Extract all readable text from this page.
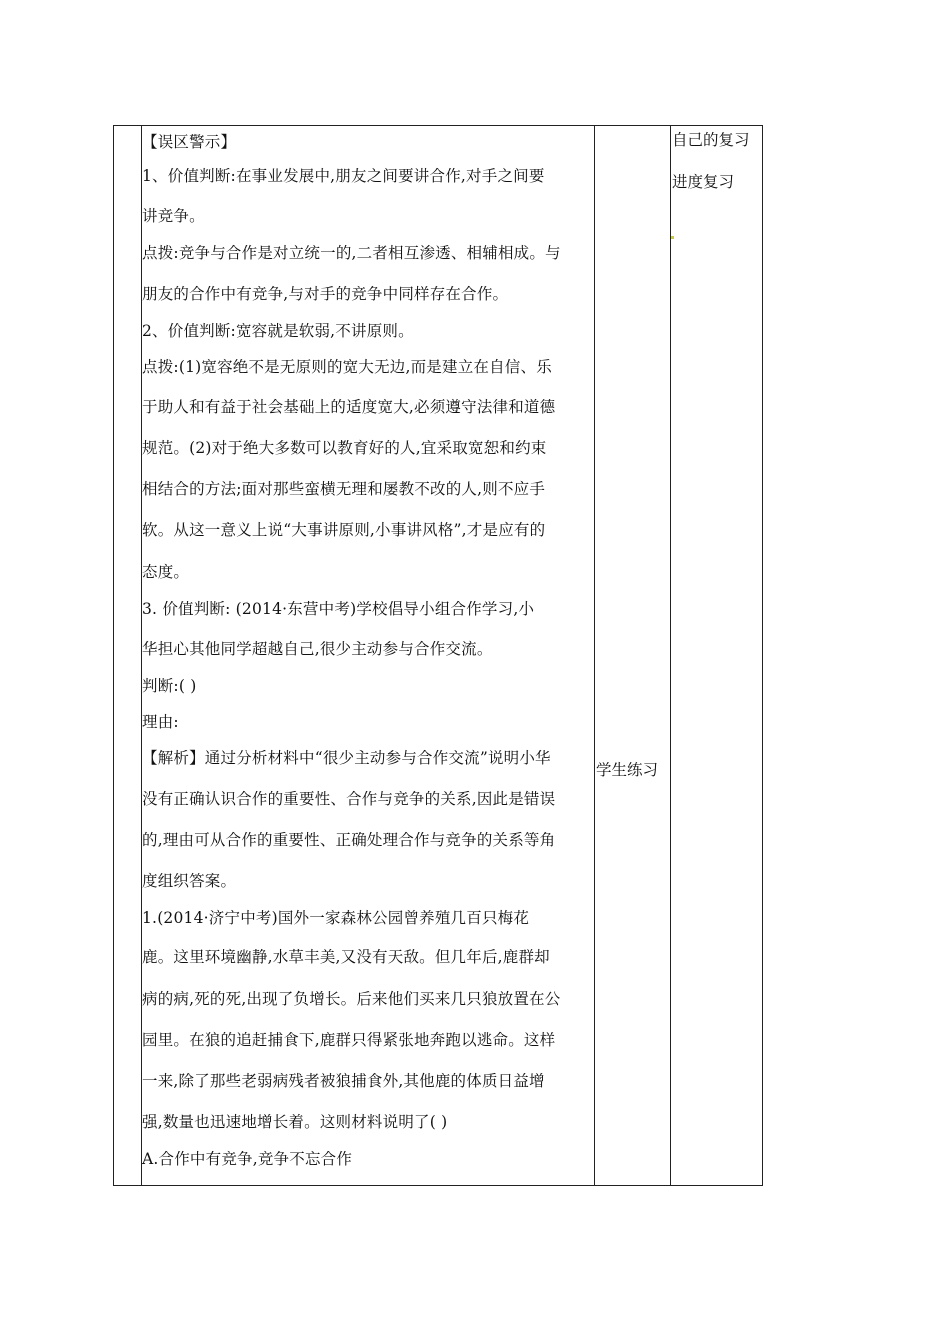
【误区警示】
1、价值判断:在事业发展中,朋友之间要讲合作,对手之间要
讲竞争。
点拨:竞争与合作是对立统一的,二者相互渗透、相辅相成。与
朋友的合作中有竞争,与对手的竞争中同样存在合作。
2、价值判断:宽容就是软弱,不讲原则。
点拨:(1)宽容绝不是无原则的宽大无边,而是建立在自信、乐
于助人和有益于社会基础上的适度宽大,必须遵守法律和道德
规范。(2)对于绝大多数可以教育好的人,宜采取宽恕和约束
相结合的方法;面对那些蛮横无理和屡教不改的人,则不应手
软。从这一意义上说“大事讲原则,小事讲风格”,才是应有的
态度。
3. 价值判断: (2014·东营中考)学校倡导小组合作学习,小
华担心其他同学超越自己,很少主动参与合作交流。
判断:( )
理由:
【解析】通过分析材料中“很少主动参与合作交流”说明小华
没有正确认识合作的重要性、合作与竞争的关系,因此是错误
的,理由可从合作的重要性、正确处理合作与竞争的关系等角
度组织答案。
1.(2014·济宁中考)国外一家森林公园曾养殖几百只梅花
鹿。这里环境幽静,水草丰美,又没有天敌。但几年后,鹿群却
病的病,死的死,出现了负增长。后来他们买来几只狼放置在公
园里。在狼的追赶捕食下,鹿群只得紧张地奔跑以逃命。这样
一来,除了那些老弱病残者被狼捕食外,其他鹿的体质日益增
强,数量也迅速地增长着。这则材料说明了( )
A.合作中有竞争,竞争不忘合作
学生练习
自己的复习
进度复习
